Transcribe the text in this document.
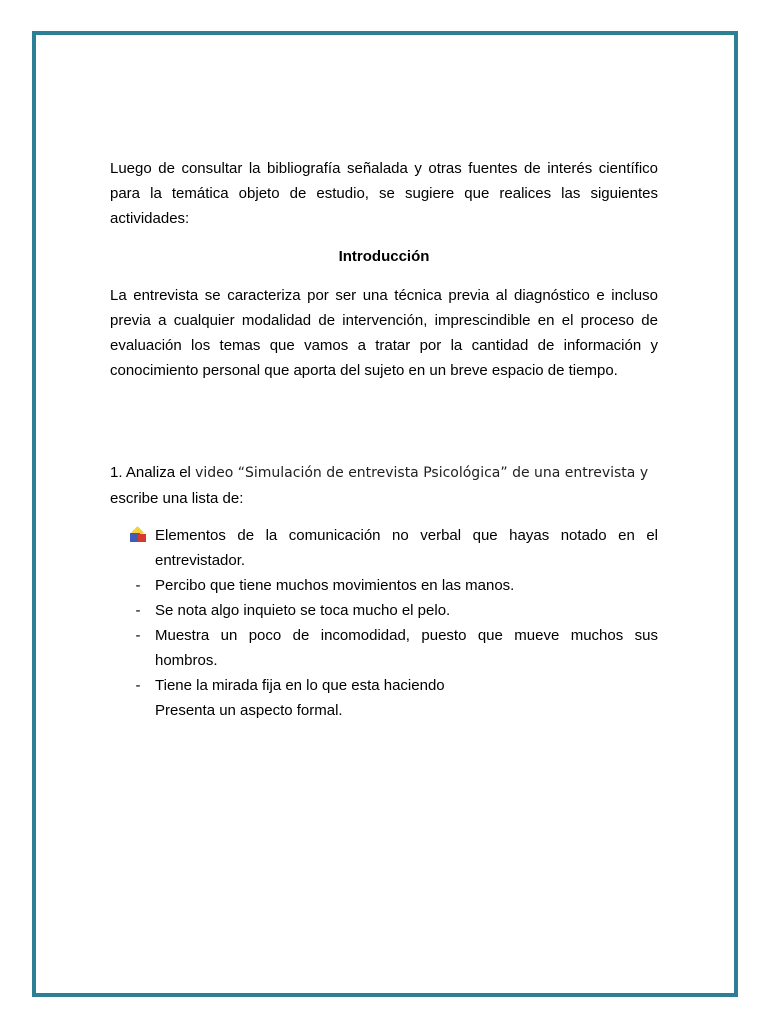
Luego de consultar la bibliografía señalada y otras fuentes de interés científico para la temática objeto de estudio, se sugiere que realices las siguientes actividades:

Introducción

La entrevista se caracteriza por ser una técnica previa al diagnóstico e incluso previa a cualquier modalidad de intervención, imprescindible en el proceso de evaluación los temas que vamos a tratar por la cantidad de información y conocimiento personal que aporta del sujeto en un breve espacio de tiempo.

1. Analiza el video “Simulación de entrevista Psicológica” de una entrevista y
escribe una lista de:

Elementos de la comunicación no verbal que hayas notado en el entrevistador.
- Percibo que tiene muchos movimientos en las manos.
- Se nota algo inquieto se toca mucho el pelo.
- Muestra un poco de incomodidad, puesto que mueve muchos sus hombros.
- Tiene la mirada fija en lo que esta haciendo
Presenta un aspecto formal.
